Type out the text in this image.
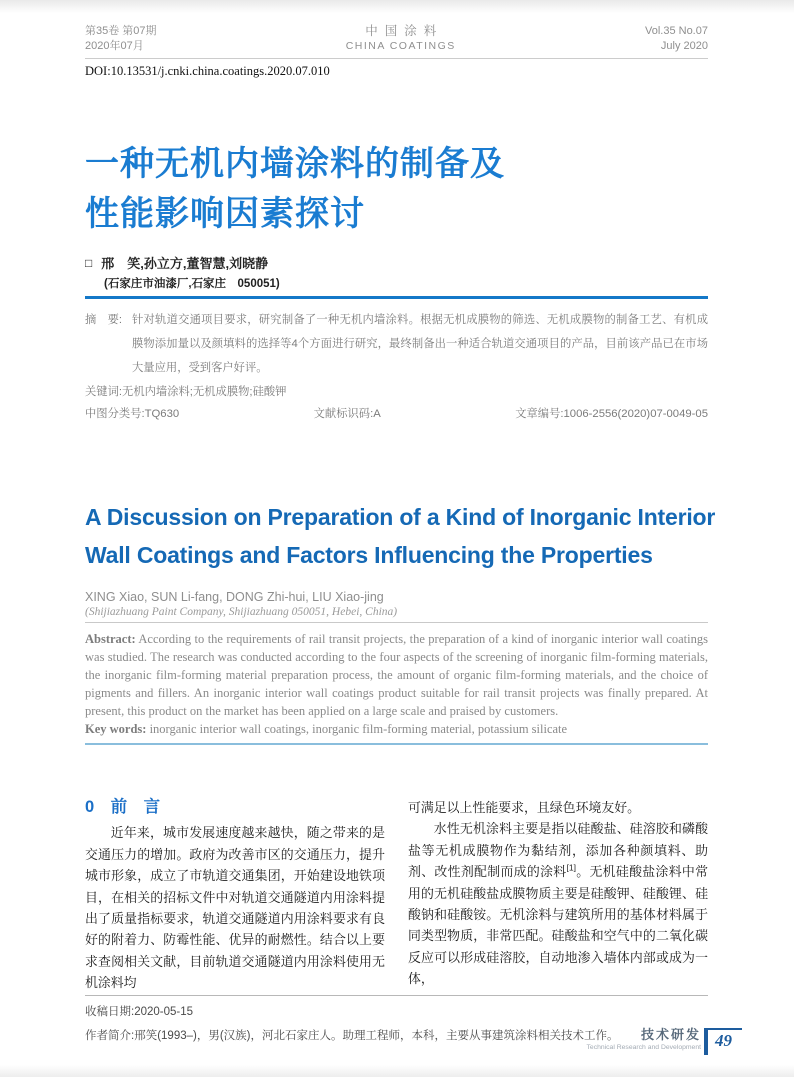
第35卷 第07期
2020年07月
中国涂料
CHINA COATINGS
Vol.35 No.07
July 2020
DOI:10.13531/j.cnki.china.coatings.2020.07.010
一种无机内墙涂料的制备及
性能影响因素探讨
□ 邢　笑,孙立方,董智慧,刘晓静
(石家庄市油漆厂,石家庄　050051)
摘　要: 针对轨道交通项目要求，研究制备了一种无机内墙涂料。根据无机成膜物的筛选、无机成膜物的制备工艺、有机成膜物添加量以及颜填料的选择等4个方面进行研究，最终制备出一种适合轨道交通项目的产品，目前该产品已在市场大量应用，受到客户好评。
关键词:无机内墙涂料;无机成膜物;硅酸钾
中图分类号:TQ630	文献标识码:A	文章编号:1006-2556(2020)07-0049-05
A Discussion on Preparation of a Kind of Inorganic Interior
Wall Coatings and Factors Influencing the Properties
XING Xiao, SUN Li-fang, DONG Zhi-hui, LIU Xiao-jing
(Shijiazhuang Paint Company, Shijiazhuang 050051, Hebei, China)
Abstract: According to the requirements of rail transit projects, the preparation of a kind of inorganic interior wall coatings was studied. The research was conducted according to the four aspects of the screening of inorganic film-forming materials, the inorganic film-forming material preparation process, the amount of organic film-forming materials, and the choice of pigments and fillers. An inorganic interior wall coatings product suitable for rail transit projects was finally prepared. At present, this product on the market has been applied on a large scale and praised by customers.
Key words: inorganic interior wall coatings, inorganic film-forming material, potassium silicate
0　前　言

近年来，城市发展速度越来越快，随之带来的是交通压力的增加。政府为改善市区的交通压力，提升城市形象，成立了市轨道交通集团，开始建设地铁项目，在相关的招标文件中对轨道交通隧道内用涂料提出了质量指标要求，轨道交通隧道内用涂料要求有良好的附着力、防霉性能、优异的耐燃性。结合以上要求查阅相关文献，目前轨道交通隧道内用涂料使用无机涂料均

可满足以上性能要求，且绿色环境友好。

水性无机涂料主要是指以硅酸盐、硅溶胶和磷酸盐等无机成膜物作为黏结剂，添加各种颜填料、助剂、改性剂配制而成的涂料[1]。无机硅酸盐涂料中常用的无机硅酸盐成膜物质主要是硅酸钾、硅酸锂、硅酸钠和硅酸铵。无机涂料与建筑所用的基体材料属于同类型物质，非常匹配。硅酸盐和空气中的二氧化碳反应可以形成硅溶胶，自动地渗入墙体内部或成为一体，

收稿日期:2020-05-15
作者简介:邢笑(1993–)，男(汉族)，河北石家庄人。助理工程师，本科，主要从事建筑涂料相关技术工作。	技术研发
Technical Research and Development 49
